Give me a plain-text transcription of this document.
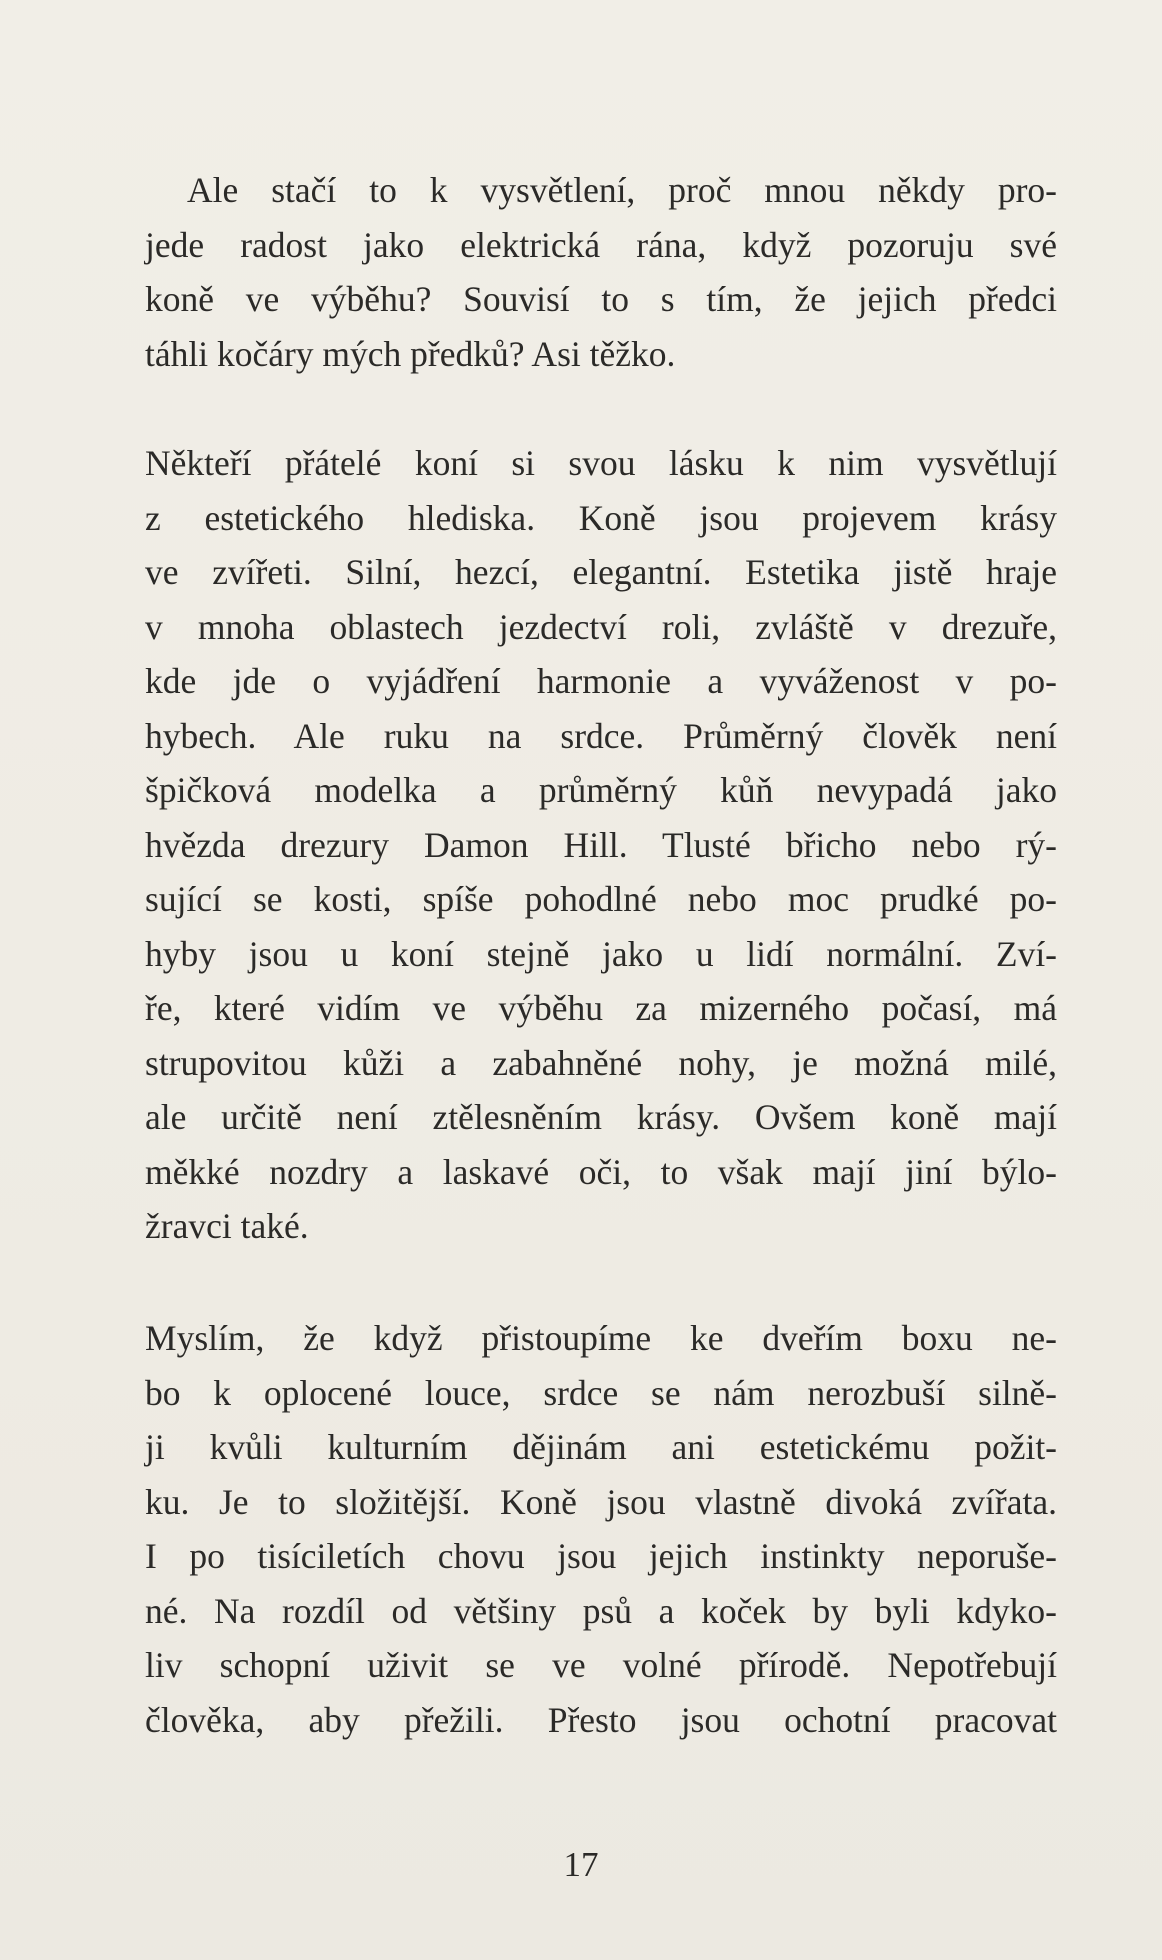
Ale stačí to k vysvětlení, proč mnou někdy pro-
jede radost jako elektrická rána, když pozoruju své
koně ve výběhu? Souvisí to s tím, že jejich předci
táhli kočáry mých předků? Asi těžko.
Někteří přátelé koní si svou lásku k nim vysvětlují
z estetického hlediska. Koně jsou projevem krásy
ve zvířeti. Silní, hezcí, elegantní. Estetika jistě hraje
v mnoha oblastech jezdectví roli, zvláště v drezuře,
kde jde o vyjádření harmonie a vyváženost v po-
hybech. Ale ruku na srdce. Průměrný člověk není
špičková modelka a průměrný kůň nevypadá jako
hvězda drezury Damon Hill. Tlusté břicho nebo rý-
sující se kosti, spíše pohodlné nebo moc prudké po-
hyby jsou u koní stejně jako u lidí normální. Zví-
ře, které vidím ve výběhu za mizerného počasí, má
strupovitou kůži a zabahněné nohy, je možná milé,
ale určitě není ztělesněním krásy. Ovšem koně mají
měkké nozdry a laskavé oči, to však mají jiní býlo-
žravci také.
Myslím, že když přistoupíme ke dveřím boxu ne-
bo k oplocené louce, srdce se nám nerozbuší silně-
ji kvůli kulturním dějinám ani estetickému požit-
ku. Je to složitější. Koně jsou vlastně divoká zvířata.
I po tisíciletích chovu jsou jejich instinkty neporuše-
né. Na rozdíl od většiny psů a koček by byli kdyko-
liv schopní uživit se ve volné přírodě. Nepotřebují
člověka, aby přežili. Přesto jsou ochotní pracovat
17
